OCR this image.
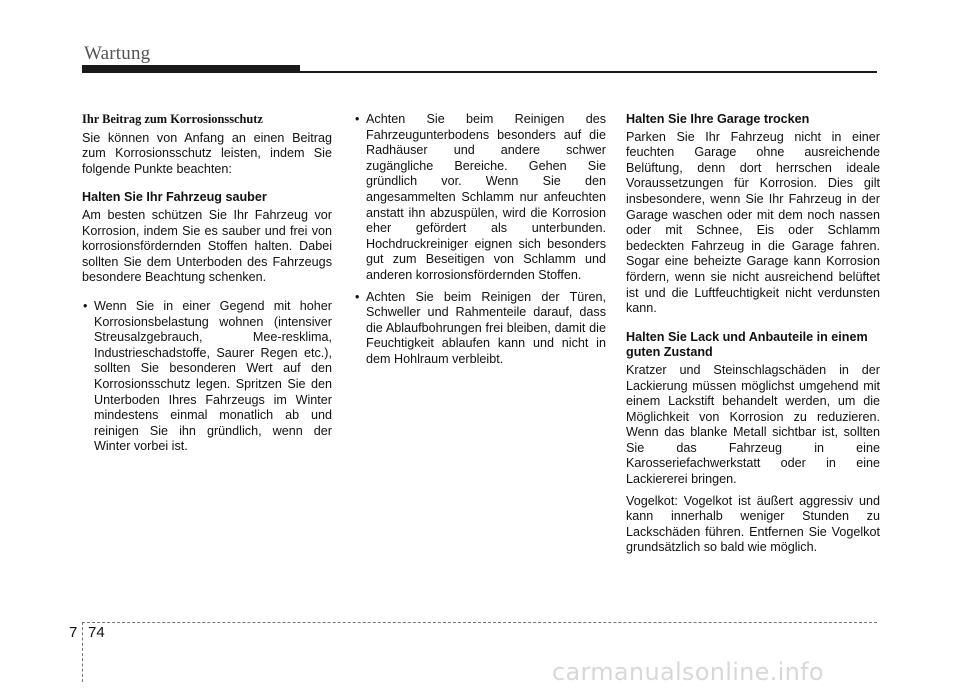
Wartung
Ihr Beitrag zum Korrosionsschutz

Sie können von Anfang an einen Beitrag zum Korrosionsschutz leisten, indem Sie folgende Punkte beachten:

Halten Sie Ihr Fahrzeug sauber

Am besten schützen Sie Ihr Fahrzeug vor Korrosion, indem Sie es sauber und frei von korrosionsfördernden Stoffen halten. Dabei sollten Sie dem Unterboden des Fahrzeugs besondere Beachtung schenken.

• Wenn Sie in einer Gegend mit hoher Korrosionsbelastung wohnen (intensiver Streusalzgebrauch, Mee-resklima, Industrieschadstoffe, Saurer Regen etc.), sollten Sie besonderen Wert auf den Korrosionsschutz legen. Spritzen Sie den Unterboden Ihres Fahrzeugs im Winter mindestens einmal monatlich ab und reinigen Sie ihn gründlich, wenn der Winter vorbei ist.
• Achten Sie beim Reinigen des Fahrzeugunterbodens besonders auf die Radhäuser und andere schwer zugängliche Bereiche. Gehen Sie gründlich vor. Wenn Sie den angesammelten Schlamm nur anfeuchten anstatt ihn abzuspülen, wird die Korrosion eher gefördert als unterbunden. Hochdruckreiniger eignen sich besonders gut zum Beseitigen von Schlamm und anderen korrosionsfördernden Stoffen.
• Achten Sie beim Reinigen der Türen, Schweller und Rahmenteile darauf, dass die Ablaufbohrungen frei bleiben, damit die Feuchtigkeit ablaufen kann und nicht in dem Hohlraum verbleibt.
Halten Sie Ihre Garage trocken

Parken Sie Ihr Fahrzeug nicht in einer feuchten Garage ohne ausreichende Belüftung, denn dort herrschen ideale Voraussetzungen für Korrosion. Dies gilt insbesondere, wenn Sie Ihr Fahrzeug in der Garage waschen oder mit dem noch nassen oder mit Schnee, Eis oder Schlamm bedeckten Fahrzeug in die Garage fahren. Sogar eine beheizte Garage kann Korrosion fördern, wenn sie nicht ausreichend belüftet ist und die Luftfeuchtigkeit nicht verdunsten kann.

Halten Sie Lack und Anbauteile in einem guten Zustand

Kratzer und Steinschlagschäden in der Lackierung müssen möglichst umgehend mit einem Lackstift behandelt werden, um die Möglichkeit von Korrosion zu reduzieren. Wenn das blanke Metall sichtbar ist, sollten Sie das Fahrzeug in eine Karosseriefachwerkstatt oder in eine Lackiererei bringen.

Vogelkot: Vogelkot ist äußert aggressiv und kann innerhalb weniger Stunden zu Lackschäden führen. Entfernen Sie Vogelkot grundsätzlich so bald wie möglich.

7 74
carmanualsonline.info
